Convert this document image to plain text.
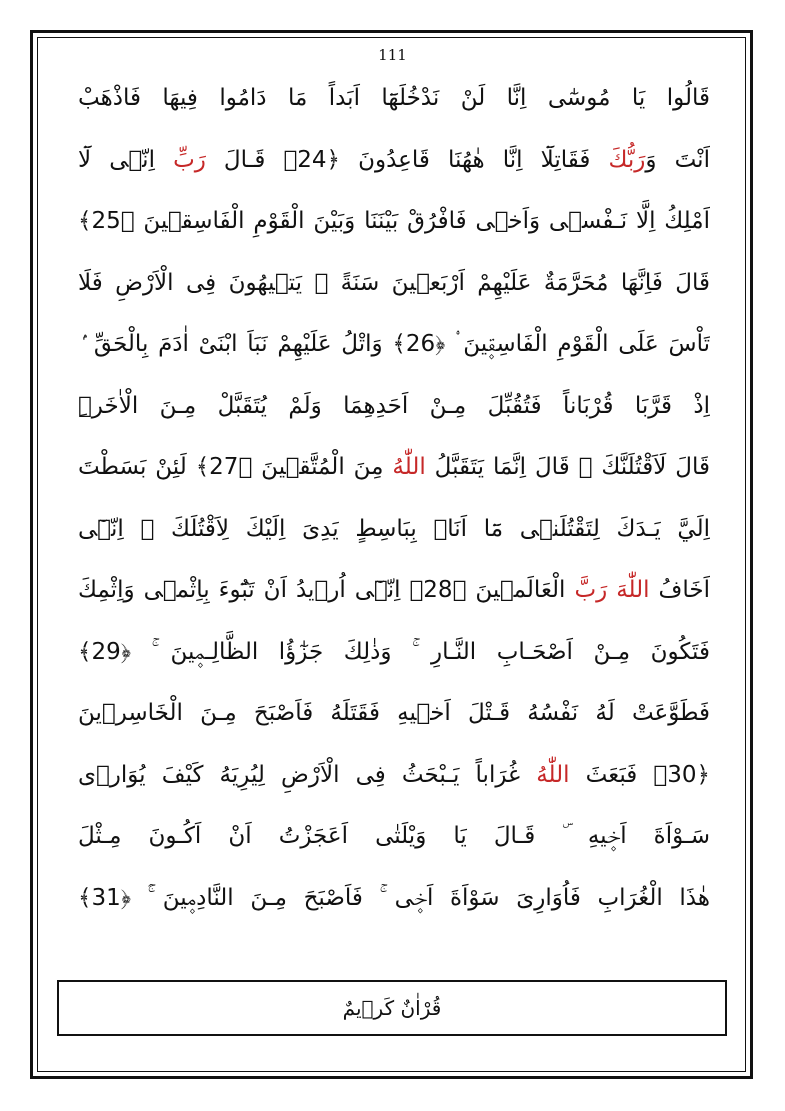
111
قَالُوا يَا مُوسٰٓى اِنَّا لَنْ نَدْخُلَهَٓا اَبَداً مَا دَامُوا فِيهَا فَاذْهَبْ
اَنْتَ وَرَبُّكَ فَقَاتِلَٓا اِنَّا هٰهُنَا قَاعِدُونَ ﴿24﴾ قَـالَ رَبِّ اِنّ۪ى لَٓا
اَمْلِكُ اِلَّا نَـفْسٖى وَاَخ۪ى فَافْرُقْ بَيْنَنَا وَبَيْنَ الْقَوْمِ الْفَاسِق۪ينَ ﴿25﴾
قَالَ فَاِنَّهَا مُحَرَّمَةٌ عَلَيْهِمْ اَرْبَع۪ينَ سَنَةً ۚ يَت۪يهُونَ فِى الْاَرْضِ فَلَا
تَاْسَ عَلَى الْقَوْمِ الْفَاسِق۪ينَ ۟ ﴿26﴾ وَاتْلُ عَلَيْهِمْ نَبَاَ ابْنَىْ اٰدَمَ بِالْحَقِّ ۢ
اِذْ قَرَّبَا قُرْبَاناً فَتُقُبِّلَ مِـنْ اَحَدِهِمَا وَلَمْ يُتَقَبَّلْ مِـنَ الْاٰخَرِۜ
قَالَ لَاَقْتُلَنَّكَ ۜ قَالَ اِنَّمَا يَتَقَبَّلُ اللّٰهُ مِنَ الْمُتَّق۪ينَ ﴿27﴾ لَئِنْ بَسَطْتَ
اِلَيَّ يَـدَكَ لِتَقْتُلَن۪ى مَٓا اَنَا۬ بِبَاسِطٍ يَدِىَ اِلَيْكَ لِاَقْتُلَكَ ۚ اِنّ۪ٓى
اَخَافُ اللّٰهَ رَبَّ الْعَالَم۪ينَ ﴿28﴾ اِنّ۪ٓى اُر۪يدُ اَنْ تَبُٓوءَ بِاِثْم۪ى وَاِثْمِكَ
فَتَكُونَ مِـنْ اَصْحَـابِ النَّـارِ ۚ وَذٰلِكَ جَزٰٓؤُا الظَّالِـم۪ينَ ۚ ﴿29﴾
فَطَوَّعَتْ لَهُ نَفْسُهُ قَـتْلَ اَخ۪يهِ فَقَتَلَهُ فَاَصْبَحَ مِـنَ الْخَاسِر۪ينَ
﴿30﴾ فَبَعَثَ اللّٰهُ غُرَاباً يَـبْحَثُ فِى الْاَرْضِ لِيُرِيَهُ كَيْفَ يُوَار۪ى
سَـوْاَةَ اَخ۪يهِ ۜ قَـالَ يَا وَيْلَتٰى اَعَجَزْتُ اَنْ اَكُـونَ مِـثْلَ
هٰذَا الْغُرَابِ فَاُوَارِىَ سَوْاَةَ اَخ۪ى ۚ فَاَصْبَحَ مِـنَ النَّادِم۪ينَ ۚۛ ﴿31﴾
قُرْاٰنٌ كَر۪يمٌ
